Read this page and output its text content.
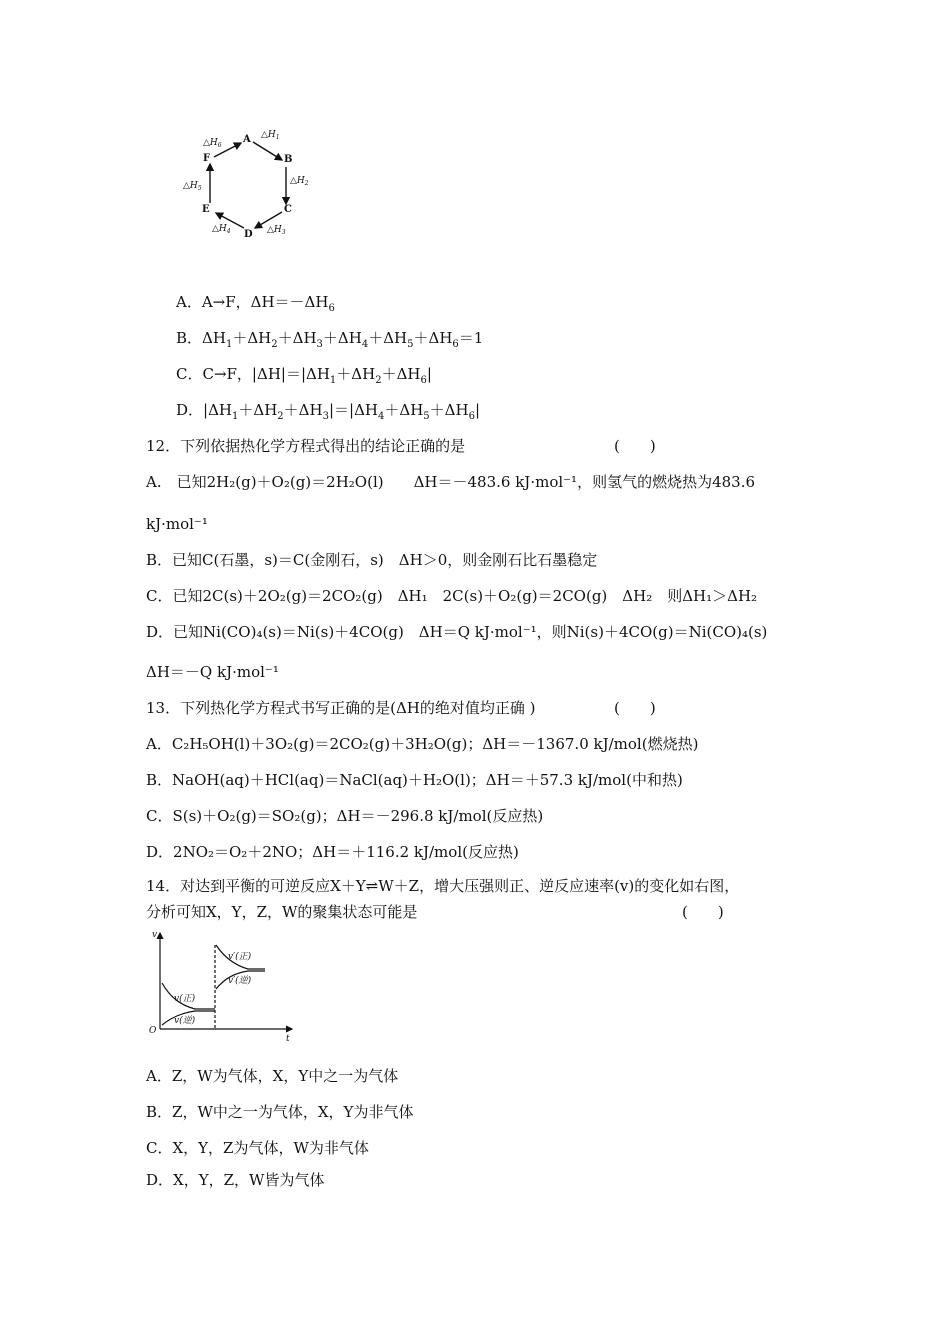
A
B
C
D
E
F
$\triangle H_1$
$\triangle H_2$
$\triangle H_3$
$\triangle H_4$
$\triangle H_5$
$\triangle H_6$
A．A→F，$\Delta H=-\Delta H_6$
B．$\Delta H_1+\Delta H_2+\Delta H_3+\Delta H_4+\Delta H_5+\Delta H_6=1$
C．C→F，$|\Delta H|=|\Delta H_1+\Delta H_2+\Delta H_6|$
D．$|\Delta H_1+\Delta H_2+\Delta H_3|=|\Delta H_4+\Delta H_5+\Delta H_6|$
12．下列依据热化学方程式得出的结论正确的是	(　　)
A.　已知2H₂(g)＋O₂(g)＝2H₂O(l)　　ΔH＝－483.6 kJ·mol⁻¹，则氢气的燃烧热为483.6
kJ·mol⁻¹
B．已知C(石墨，s)＝C(金刚石，s)　ΔH＞0，则金刚石比石墨稳定
C．已知2C(s)＋2O₂(g)＝2CO₂(g)　ΔH₁　2C(s)＋O₂(g)＝2CO(g)　ΔH₂　则ΔH₁＞ΔH₂
D．已知Ni(CO)₄(s)＝Ni(s)＋4CO(g)　ΔH＝Q kJ·mol⁻¹，则Ni(s)＋4CO(g)＝Ni(CO)₄(s)
ΔH＝－Q kJ·mol⁻¹
13．下列热化学方程式书写正确的是(ΔH的绝对值均正确 )	(　　)
A．C₂H₅OH(l)＋3O₂(g)＝2CO₂(g)＋3H₂O(g)；ΔH＝－1367.0 kJ/mol(燃烧热)
B．NaOH(aq)＋HCl(aq)＝NaCl(aq)＋H₂O(l)；ΔH＝＋57.3 kJ/mol(中和热)
C．S(s)＋O₂(g)＝SO₂(g)；ΔH＝－296.8 kJ/mol(反应热)
D．2NO₂＝O₂＋2NO；ΔH＝＋116.2 kJ/mol(反应热)
14．对达到平衡的可逆反应X＋Y⇌W＋Z，增大压强则正、逆反应速率(v)的变化如右图，
分析可知X，Y，Z，W的聚集状态可能是	(　　)
v
t
O
v(正)
v(逆)
v′(正)
v′(逆)
A．Z，W为气体，X，Y中之一为气体
B．Z，W中之一为气体，X，Y为非气体
C．X，Y，Z为气体，W为非气体
D．X，Y，Z，W皆为气体
